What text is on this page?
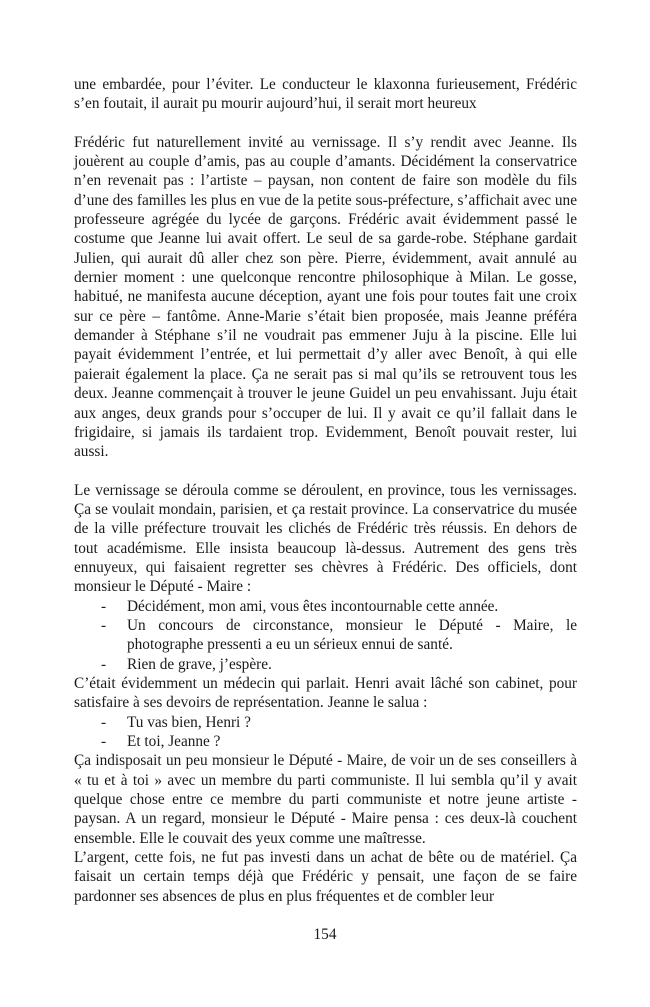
une embardée, pour l’éviter. Le conducteur le klaxonna furieusement, Frédéric s’en foutait, il aurait pu mourir aujourd’hui, il serait mort heureux

Frédéric fut naturellement invité au vernissage. Il s’y rendit avec Jeanne. Ils jouèrent au couple d’amis, pas au couple d’amants. Décidément la conservatrice n’en revenait pas : l’artiste – paysan, non content de faire son modèle du fils d’une des familles les plus en vue de la petite sous-préfecture, s’affichait avec une professeure agrégée du lycée de garçons. Frédéric avait évidemment passé le costume que Jeanne lui avait offert. Le seul de sa garde-robe. Stéphane gardait Julien, qui aurait dû aller chez son père. Pierre, évidemment, avait annulé au dernier moment : une quelconque rencontre philosophique à Milan. Le gosse, habitué, ne manifesta aucune déception, ayant une fois pour toutes fait une croix sur ce père – fantôme. Anne-Marie s’était bien proposée, mais Jeanne préféra demander à Stéphane s’il ne voudrait pas emmener Juju à la piscine. Elle lui payait évidemment l’entrée, et lui permettait d’y aller avec Benoît, à qui elle paierait également la place. Ça ne serait pas si mal qu’ils se retrouvent tous les deux. Jeanne commençait à trouver le jeune Guidel un peu envahissant. Juju était aux anges, deux grands pour s’occuper de lui. Il y avait ce qu’il fallait dans le frigidaire, si jamais ils tardaient trop. Evidemment, Benoît pouvait rester, lui aussi.

Le vernissage se déroula comme se déroulent, en province, tous les vernissages. Ça se voulait mondain, parisien, et ça restait province. La conservatrice du musée de la ville préfecture trouvait les clichés de Frédéric très réussis. En dehors de tout académisme. Elle insista beaucoup là-dessus. Autrement des gens très ennuyeux, qui faisaient regretter ses chèvres à Frédéric. Des officiels, dont monsieur le Député - Maire :

- Décidément, mon ami, vous êtes incontournable cette année.
- Un concours de circonstance, monsieur le Député - Maire, le photographe pressenti a eu un sérieux ennui de santé.
- Rien de grave, j’espère.

C’était évidemment un médecin qui parlait. Henri avait lâché son cabinet, pour satisfaire à ses devoirs de représentation. Jeanne le salua :

- Tu vas bien, Henri ?
- Et toi, Jeanne ?

Ça indisposait un peu monsieur le Député - Maire, de voir un de ses conseillers à « tu et à toi » avec un membre du parti communiste. Il lui sembla qu’il y avait quelque chose entre ce membre du parti communiste et notre jeune artiste - paysan. A un regard, monsieur le Député - Maire pensa : ces deux-là couchent ensemble. Elle le couvait des yeux comme une maîtresse.

L’argent, cette fois, ne fut pas investi dans un achat de bête ou de matériel. Ça faisait un certain temps déjà que Frédéric y pensait, une façon de se faire pardonner ses absences de plus en plus fréquentes et de combler leur

154
